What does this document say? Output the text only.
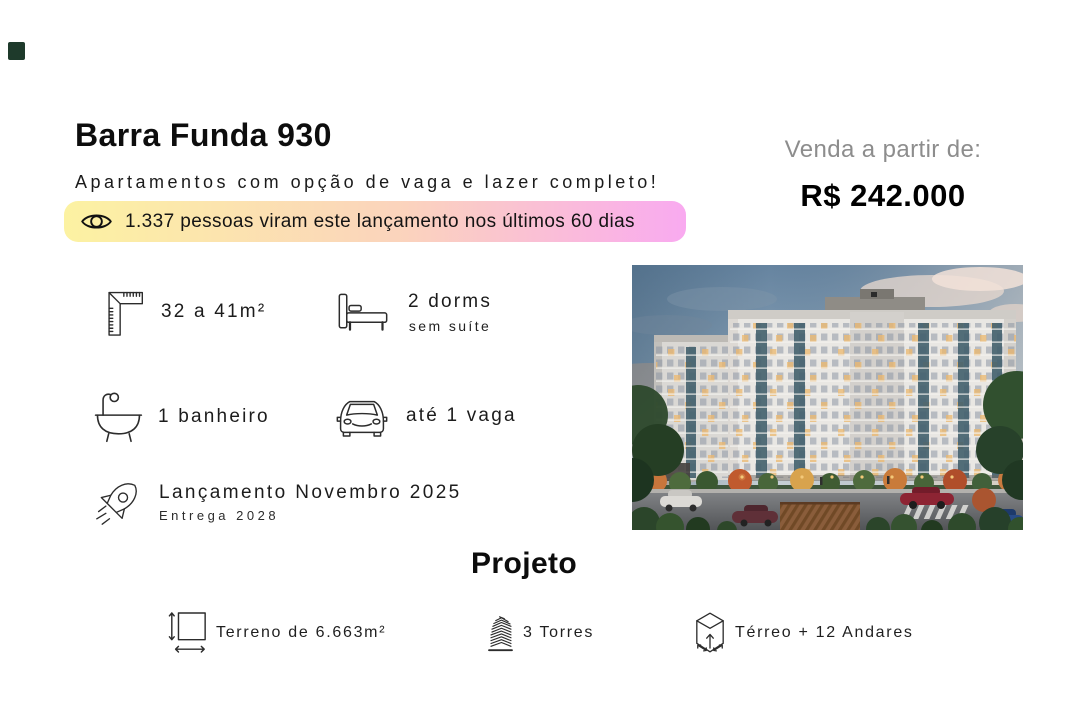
Barra Funda 930
Apartamentos com opção de vaga e lazer completo!
1.337 pessoas viram este lançamento nos últimos 60 dias
Venda a partir de:
R$ 242.000
32 a 41m²	2 dorms
sem suíte
1 banheiro	até 1 vaga
Lançamento Novembro 2025
Entrega 2028
Projeto
Terreno de 6.663m²	3 Torres	Térreo + 12 Andares
